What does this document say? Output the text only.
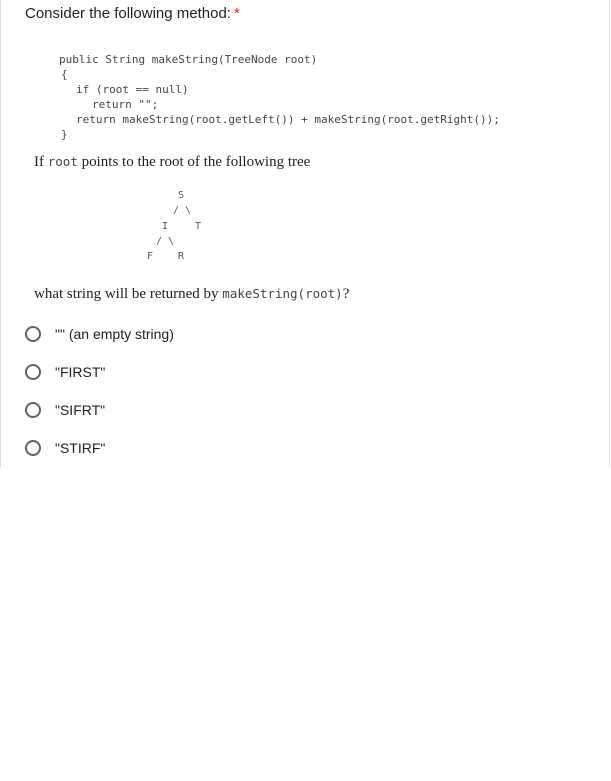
Consider the following method: *
public String makeString(TreeNode root)
{
if (root == null)
return "";
return makeString(root.getLeft()) + makeString(root.getRight());
}
If root points to the root of the following tree
S
/ \
I	T
/ \
F R
what string will be returned by makeString(root)?
"" (an empty string)
"FIRST"
"SIFRT"
"STIRF"
